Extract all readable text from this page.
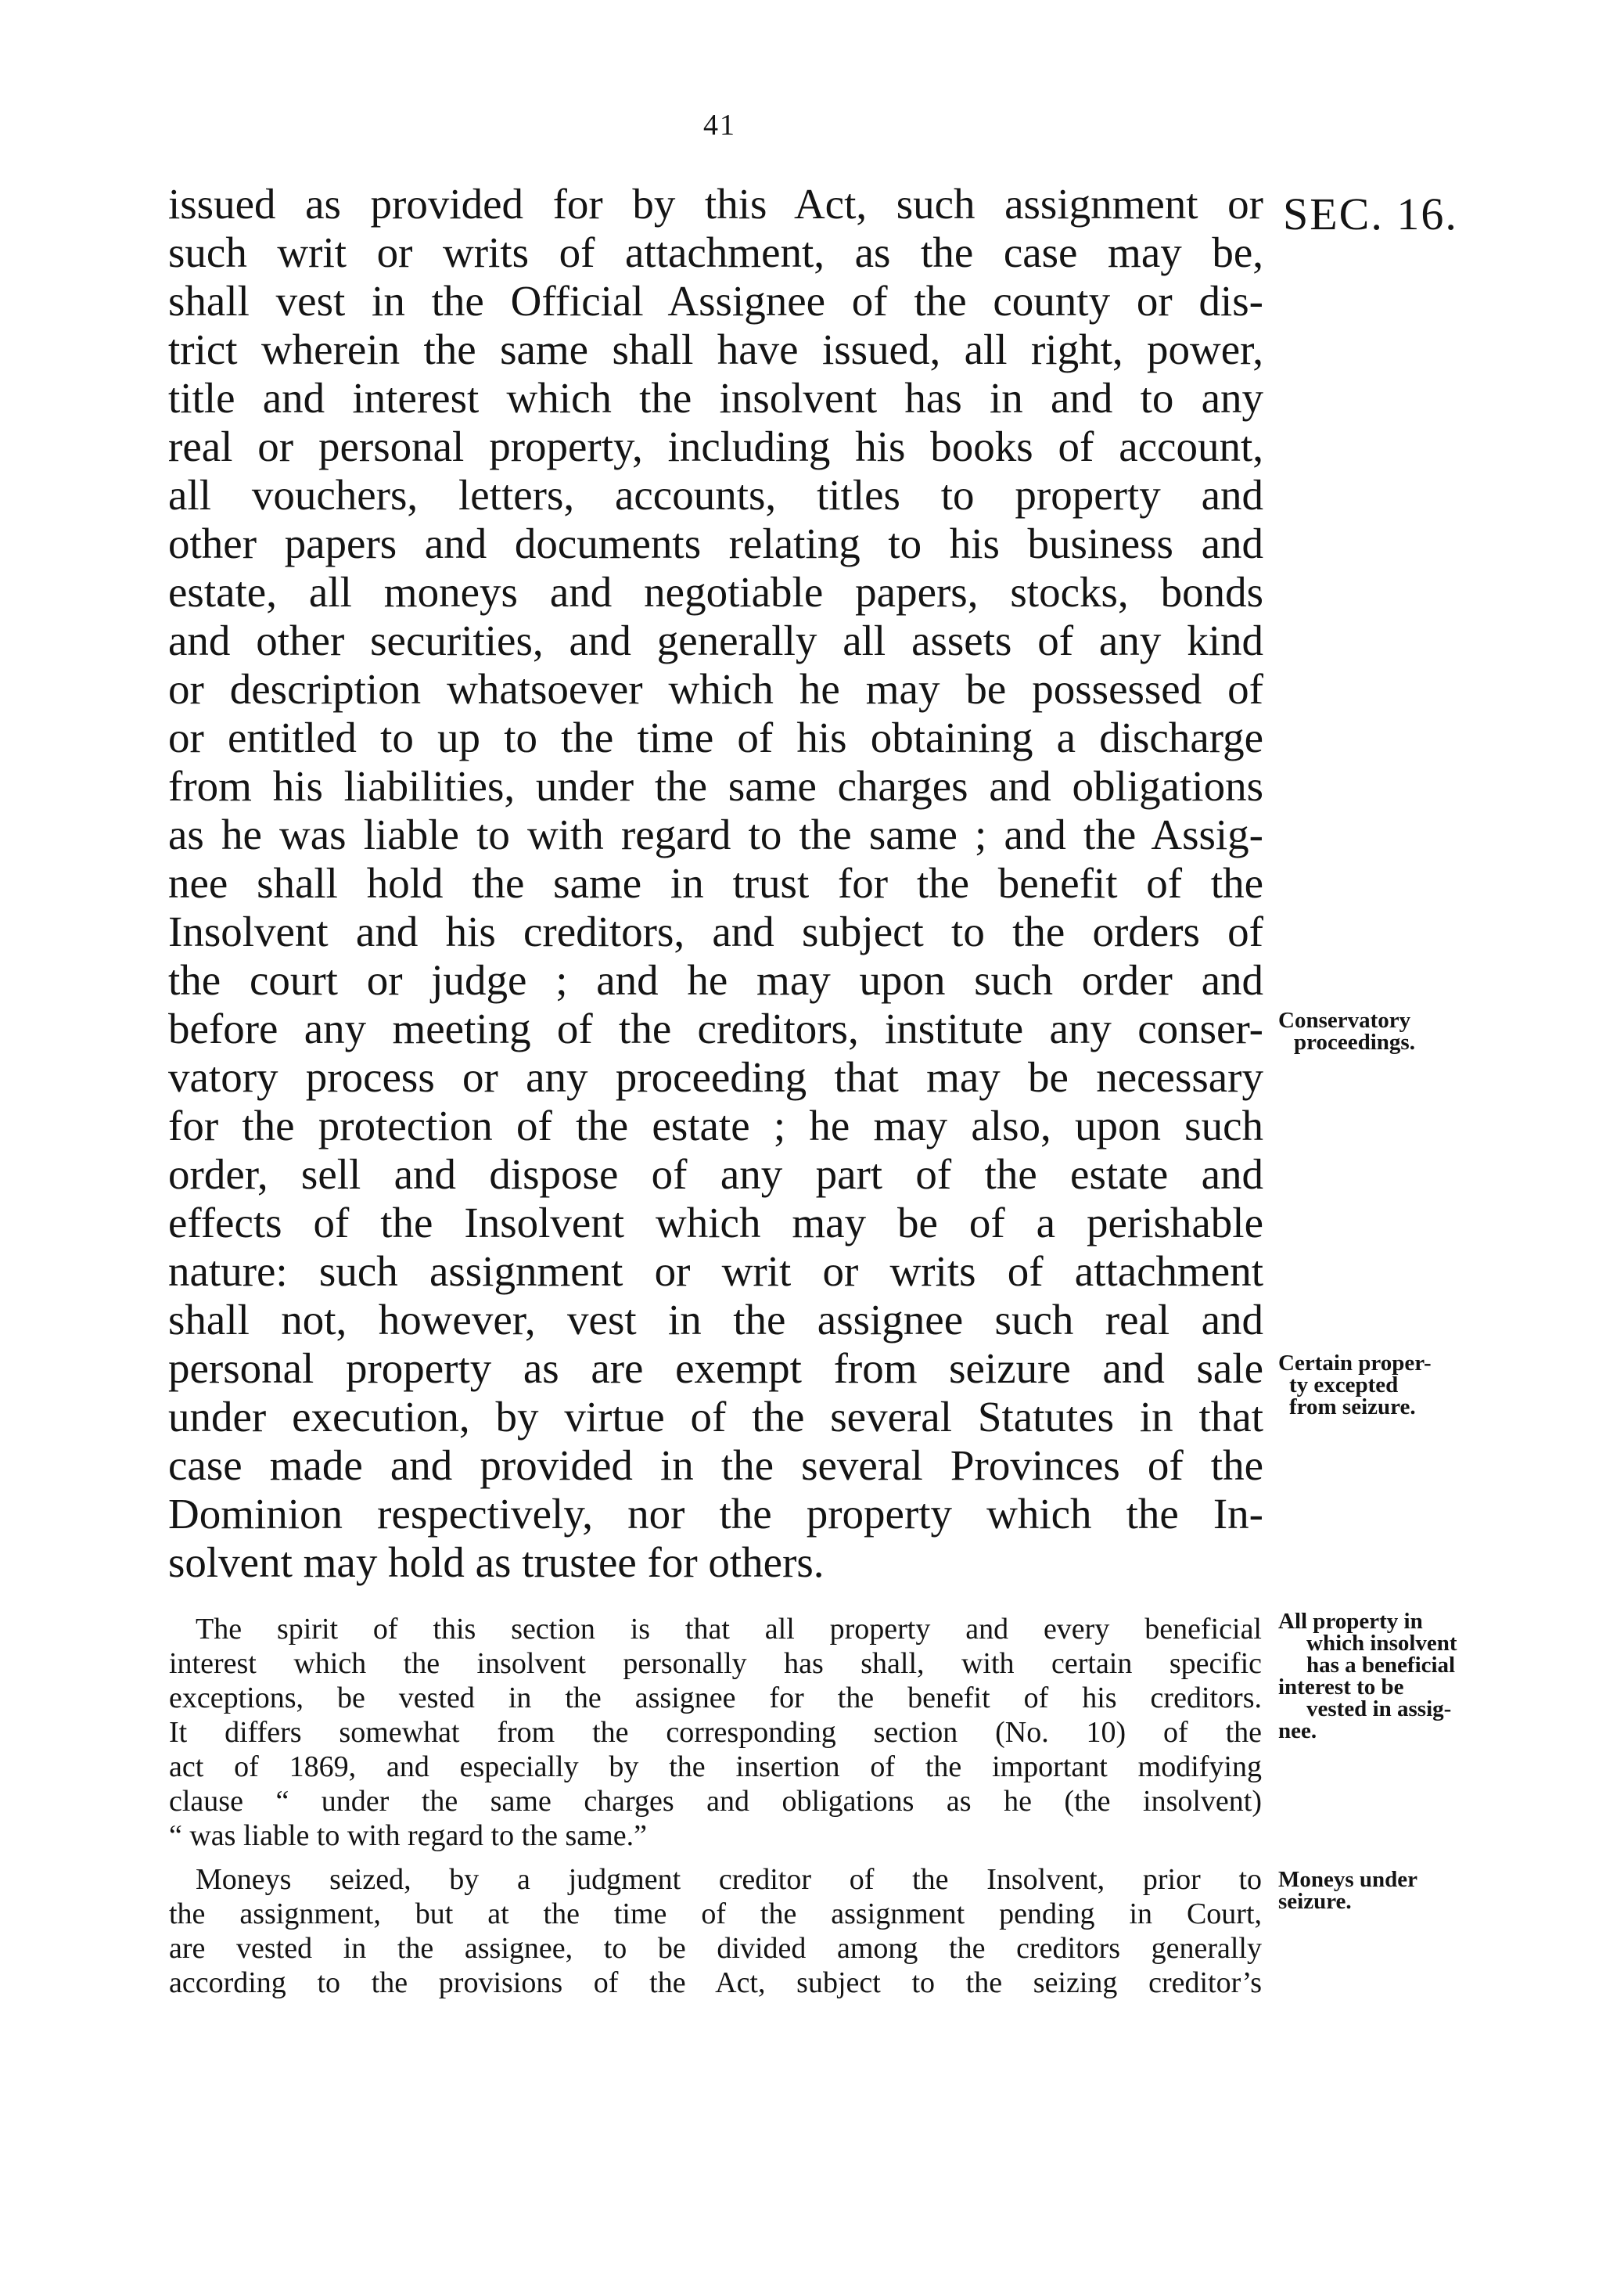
41
SEC. 16.
issued as provided for by this Act, such assignment or
such writ or writs of attachment, as the case may be,
shall vest in the Official Assignee of the county or dis-
trict wherein the same shall have issued, all right, power,
title and interest which the insolvent has in and to any
real or personal property, including his books of account,
all vouchers, letters, accounts, titles to property and
other papers and documents relating to his business and
estate, all moneys and negotiable papers, stocks, bonds
and other securities, and generally all assets of any kind
or description whatsoever which he may be possessed of
or entitled to up to the time of his obtaining a discharge
from his liabilities, under the same charges and obligations
as he was liable to with regard to the same ; and the Assig-
nee shall hold the same in trust for the benefit of the
Insolvent and his creditors, and subject to the orders of
the court or judge ; and he may upon such order and
before any meeting of the creditors, institute any conser-
vatory process or any proceeding that may be necessary
for the protection of the estate ; he may also, upon such
order, sell and dispose of any part of the estate and
effects of the Insolvent which may be of a perishable
nature: such assignment or writ or writs of attachment
shall not, however, vest in the assignee such real and
personal property as are exempt from seizure and sale
under execution, by virtue of the several Statutes in that
case made and provided in the several Provinces of the
Dominion respectively, nor the property which the In-
solvent may hold as trustee for others.
The spirit of this section is that all property and every beneficial
interest which the insolvent personally has shall, with certain specific
exceptions, be vested in the assignee for the benefit of his creditors.
It differs somewhat from the corresponding section (No. 10) of the
act of 1869, and especially by the insertion of the important modifying
clause “ under the same charges and obligations as he (the insolvent)
“ was liable to with regard to the same.”
Moneys seized, by a judgment creditor of the Insolvent, prior to
the assignment, but at the time of the assignment pending in Court,
are vested in the assignee, to be divided among the creditors generally
according to the provisions of the Act, subject to the seizing creditor’s
Conservatory
proceedings.
Certain proper-
ty excepted
from seizure.
All property in
which insolvent
has a beneficial
interest to be
vested in assig-
nee.
Moneys under
seizure.
